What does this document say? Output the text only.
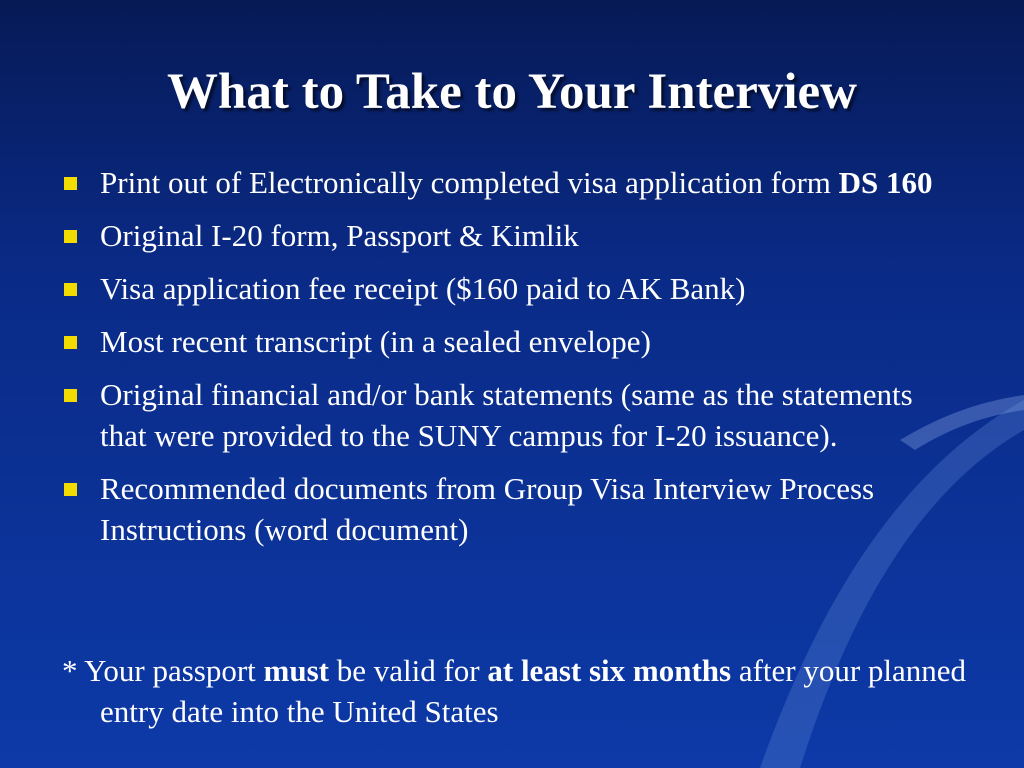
What to Take to Your Interview
Print out of Electronically completed visa application form DS 160
Original I-20 form, Passport & Kimlik
Visa application fee receipt ($160 paid to AK Bank)
Most recent transcript (in a sealed envelope)
Original financial and/or bank statements (same as the statements that were provided to the SUNY campus for I-20 issuance).
Recommended documents from Group Visa Interview Process Instructions (word document)
* Your passport must be valid for at least six months after your planned entry date into the United States
